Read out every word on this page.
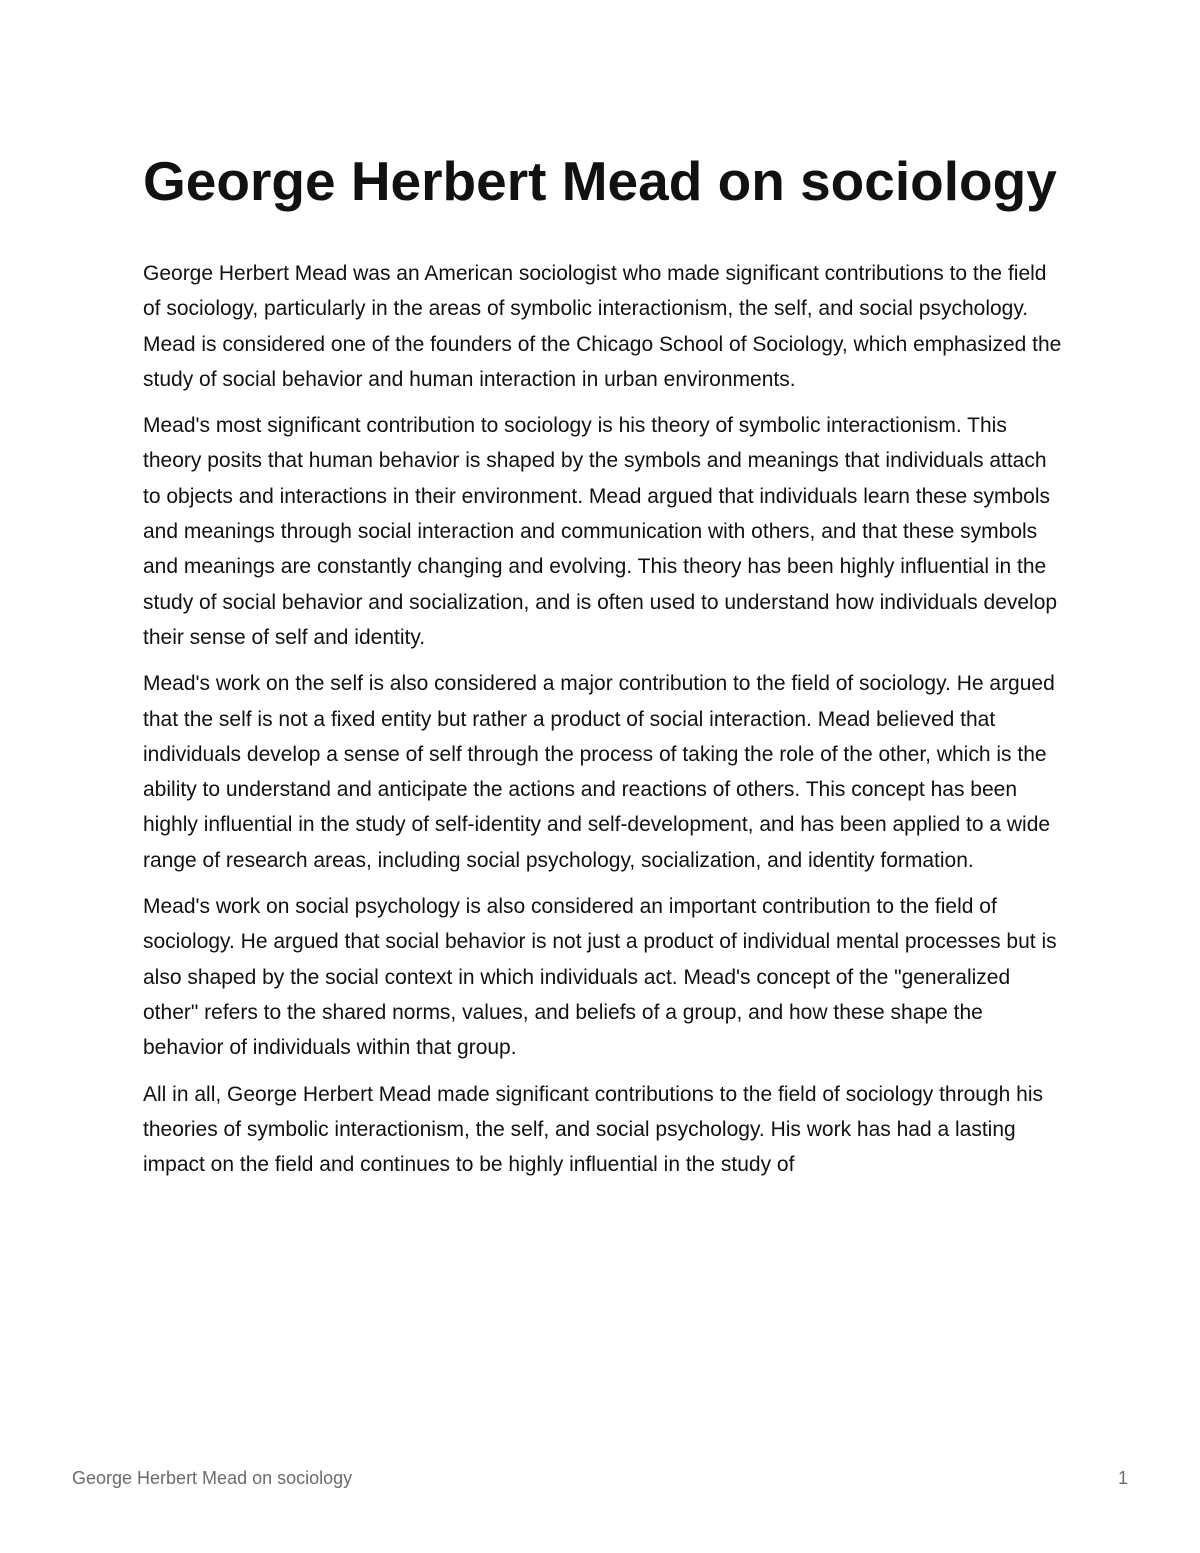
George Herbert Mead on sociology

George Herbert Mead was an American sociologist who made significant contributions to the field of sociology, particularly in the areas of symbolic interactionism, the self, and social psychology. Mead is considered one of the founders of the Chicago School of Sociology, which emphasized the study of social behavior and human interaction in urban environments.

Mead's most significant contribution to sociology is his theory of symbolic interactionism. This theory posits that human behavior is shaped by the symbols and meanings that individuals attach to objects and interactions in their environment. Mead argued that individuals learn these symbols and meanings through social interaction and communication with others, and that these symbols and meanings are constantly changing and evolving. This theory has been highly influential in the study of social behavior and socialization, and is often used to understand how individuals develop their sense of self and identity.

Mead's work on the self is also considered a major contribution to the field of sociology. He argued that the self is not a fixed entity but rather a product of social interaction. Mead believed that individuals develop a sense of self through the process of taking the role of the other, which is the ability to understand and anticipate the actions and reactions of others. This concept has been highly influential in the study of self-identity and self-development, and has been applied to a wide range of research areas, including social psychology, socialization, and identity formation.

Mead's work on social psychology is also considered an important contribution to the field of sociology. He argued that social behavior is not just a product of individual mental processes but is also shaped by the social context in which individuals act. Mead's concept of the "generalized other" refers to the shared norms, values, and beliefs of a group, and how these shape the behavior of individuals within that group.

All in all, George Herbert Mead made significant contributions to the field of sociology through his theories of symbolic interactionism, the self, and social psychology. His work has had a lasting impact on the field and continues to be highly influential in the study of

George Herbert Mead on sociology	1
